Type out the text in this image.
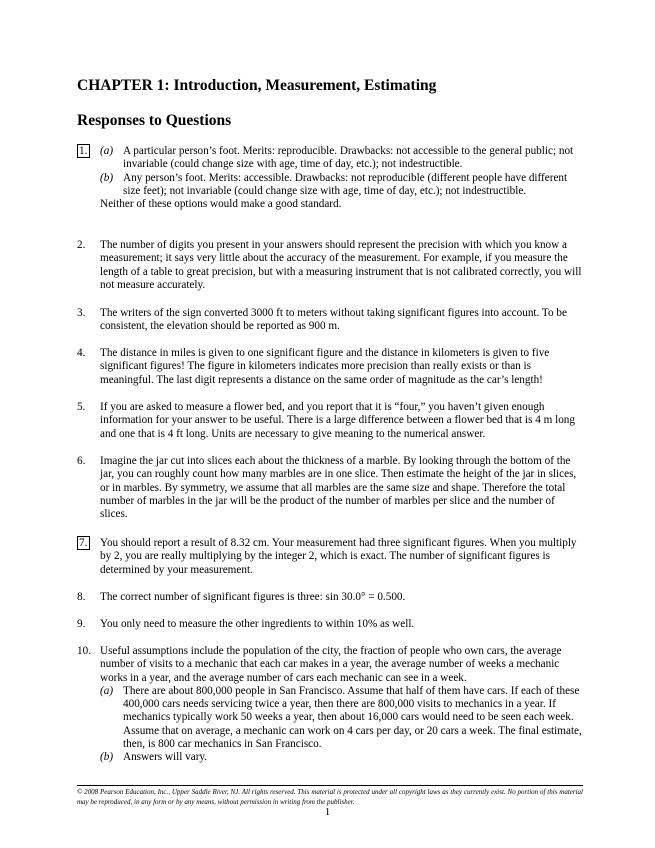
CHAPTER 1: Introduction, Measurement, Estimating
Responses to Questions
1.	(a) A particular person’s foot. Merits: reproducible. Drawbacks: not accessible to the general public; not invariable (could change size with age, time of day, etc.); not indestructible.

(b) Any person’s foot. Merits: accessible. Drawbacks: not reproducible (different people have different size feet); not invariable (could change size with age, time of day, etc.); not indestructible.

Neither of these options would make a good standard.

2.	The number of digits you present in your answers should represent the precision with which you know a measurement; it says very little about the accuracy of the measurement. For example, if you measure the length of a table to great precision, but with a measuring instrument that is not calibrated correctly, you will not measure accurately.

3.	The writers of the sign converted 3000 ft to meters without taking significant figures into account. To be consistent, the elevation should be reported as 900 m.

4.	The distance in miles is given to one significant figure and the distance in kilometers is given to five significant figures! The figure in kilometers indicates more precision than really exists or than is meaningful. The last digit represents a distance on the same order of magnitude as the car’s length!

5.	If you are asked to measure a flower bed, and you report that it is “four,” you haven’t given enough information for your answer to be useful. There is a large difference between a flower bed that is 4 m long and one that is 4 ft long. Units are necessary to give meaning to the numerical answer.

6.	Imagine the jar cut into slices each about the thickness of a marble. By looking through the bottom of the jar, you can roughly count how many marbles are in one slice. Then estimate the height of the jar in slices, or in marbles. By symmetry, we assume that all marbles are the same size and shape. Therefore the total number of marbles in the jar will be the product of the number of marbles per slice and the number of slices.

7.	You should report a result of 8.32 cm. Your measurement had three significant figures. When you multiply by 2, you are really multiplying by the integer 2, which is exact. The number of significant figures is determined by your measurement.

8.	The correct number of significant figures is three: sin 30.0° = 0.500.

9.	You only need to measure the other ingredients to within 10% as well.

10. Useful assumptions include the population of the city, the fraction of people who own cars, the average number of visits to a mechanic that each car makes in a year, the average number of weeks a mechanic works in a year, and the average number of cars each mechanic can see in a week.

(a) There are about 800,000 people in San Francisco. Assume that half of them have cars. If each of these 400,000 cars needs servicing twice a year, then there are 800,000 visits to mechanics in a year. If mechanics typically work 50 weeks a year, then about 16,000 cars would need to be seen each week. Assume that on average, a mechanic can work on 4 cars per day, or 20 cars a week. The final estimate, then, is 800 car mechanics in San Francisco.

(b) Answers will vary.

© 2008 Pearson Education, Inc., Upper Saddle River, NJ. All rights reserved. This material is protected under all copyright laws as they currently exist. No portion of this material may be reproduced, in any form or by any means, without permission in writing from the publisher.
1
